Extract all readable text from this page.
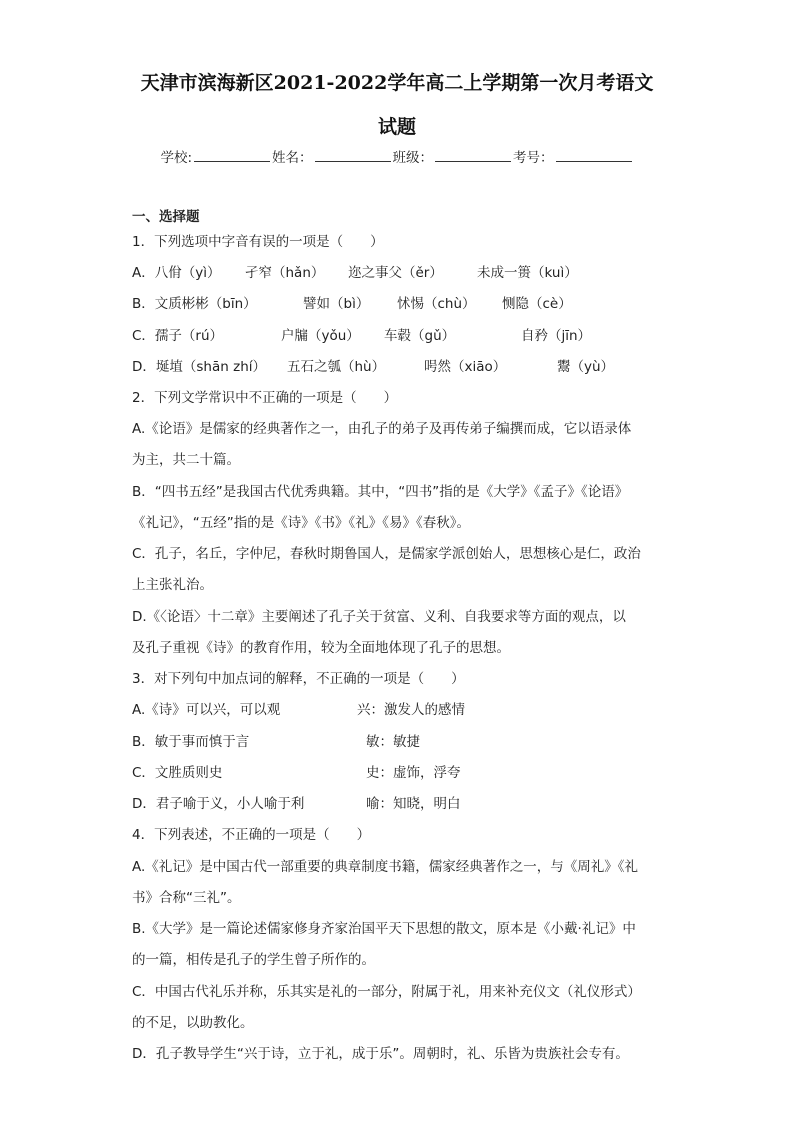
天津市滨海新区2021-2022学年高二上学期第一次月考语文
试题
学校:	姓名：	班级：	考号：
一、选择题
1．下列选项中字音有误的一项是（　　）
A．八佾（yì） 孑窄（hǎn） 迩之事父（ěr）	未成一篑（kuì）
B．文质彬彬（bīn）	譬如（bì） 怵惕（chù） 恻隐（cè）
C．孺子（rú）	户牖（yǒu） 车毂（gǔ）	自矜（jīn）
D．埏埴（shān zhí） 五石之瓠（hù）	呺然（xiāo）	鬻（yù）
2．下列文学常识中不正确的一项是（　　）
A.《论语》是儒家的经典著作之一，由孔子的弟子及再传弟子编撰而成，它以语录体
为主，共二十篇。
B．“四书五经”是我国古代优秀典籍。其中，“四书”指的是《大学》《孟子》《论语》
《礼记》，“五经”指的是《诗》《书》《礼》《易》《春秋》。
C．孔子，名丘，字仲尼，春秋时期鲁国人，是儒家学派创始人，思想核心是仁，政治
上主张礼治。
D.《〈论语〉十二章》主要阐述了孔子关于贫富、义利、自我要求等方面的观点，以
及孔子重视《诗》的教育作用，较为全面地体现了孔子的思想。
3．对下列句中加点词的解释，不正确的一项是（　　）
A.《诗》可以兴，可以观	兴：激发人的感情
B．敏于事而慎于言	敏：敏捷
C．文胜质则史	史：虚饰，浮夸
D．君子喻于义，小人喻于利	喻：知晓，明白
4．下列表述，不正确的一项是（　　）
A.《礼记》是中国古代一部重要的典章制度书籍，儒家经典著作之一，与《周礼》《礼
书》合称“三礼”。
B.《大学》是一篇论述儒家修身齐家治国平天下思想的散文，原本是《小戴·礼记》中
的一篇，相传是孔子的学生曾子所作的。
C．中国古代礼乐并称，乐其实是礼的一部分，附属于礼，用来补充仪文（礼仪形式）
的不足，以助教化。
D．孔子教导学生“兴于诗，立于礼，成于乐”。周朝时，礼、乐皆为贵族社会专有。
